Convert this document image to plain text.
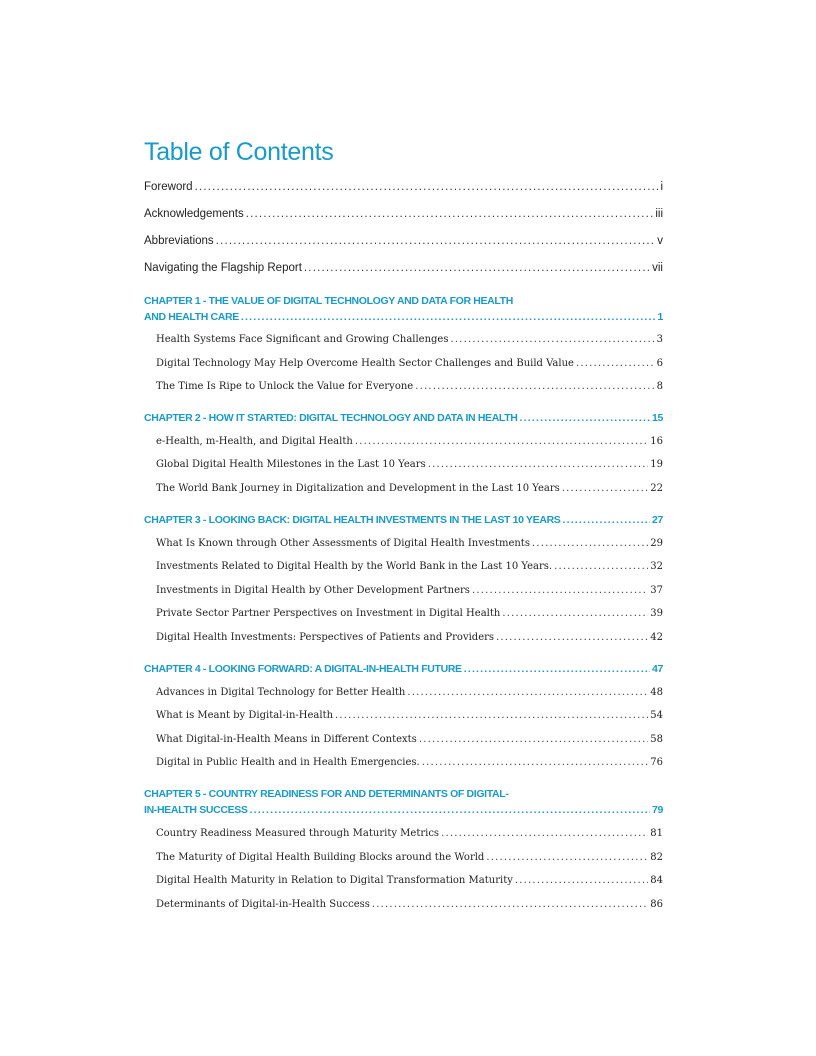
Table of Contents
Foreword .....	i
Acknowledgements .....	iii
Abbreviations .....	v
Navigating the Flagship Report .....	vii
CHAPTER 1 - THE VALUE OF DIGITAL TECHNOLOGY AND DATA FOR HEALTH
AND HEALTH CARE .....	1
Health Systems Face Significant and Growing Challenges .....	3
Digital Technology May Help Overcome Health Sector Challenges and Build Value .....	6
The Time Is Ripe to Unlock the Value for Everyone .....	8
CHAPTER 2 - HOW IT STARTED: DIGITAL TECHNOLOGY AND DATA IN HEALTH .....	15
e-Health, m-Health, and Digital Health .....	16
Global Digital Health Milestones in the Last 10 Years .....	19
The World Bank Journey in Digitalization and Development in the Last 10 Years .....	22
CHAPTER 3 - LOOKING BACK: DIGITAL HEALTH INVESTMENTS IN THE LAST 10 YEARS .....	27
What Is Known through Other Assessments of Digital Health Investments .....	29
Investments Related to Digital Health by the World Bank in the Last 10 Years. .....	32
Investments in Digital Health by Other Development Partners .....	37
Private Sector Partner Perspectives on Investment in Digital Health .....	39
Digital Health Investments: Perspectives of Patients and Providers .....	42
CHAPTER 4 - LOOKING FORWARD: A DIGITAL-IN-HEALTH FUTURE .....	47
Advances in Digital Technology for Better Health .....	48
What is Meant by Digital-in-Health .....	54
What Digital-in-Health Means in Different Contexts .....	58
Digital in Public Health and in Health Emergencies. .....	76
CHAPTER 5 - COUNTRY READINESS FOR AND DETERMINANTS OF DIGITAL-
IN-HEALTH SUCCESS .....	79
Country Readiness Measured through Maturity Metrics .....	81
The Maturity of Digital Health Building Blocks around the World .....	82
Digital Health Maturity in Relation to Digital Transformation Maturity .....	84
Determinants of Digital-in-Health Success .....	86
